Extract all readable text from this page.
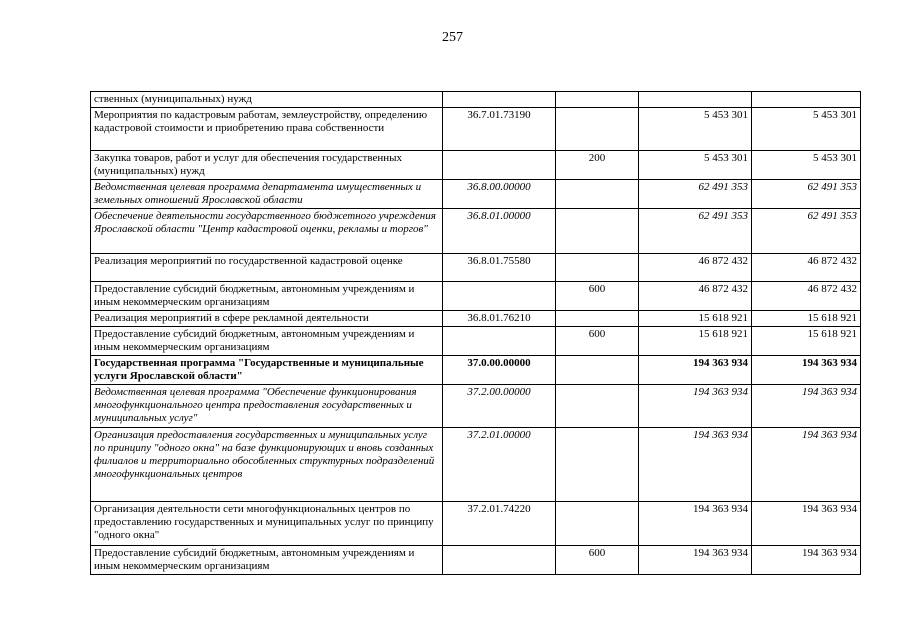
257
ственных (муниципальных) нужд				
Мероприятия по кадастровым работам, землеустройству, определению кадастровой стоимости и приобретению права собственности	36.7.01.73190		5 453 301	5 453 301
Закупка товаров, работ и услуг для обеспечения государственных (муниципальных) нужд		200	5 453 301	5 453 301
Ведомственная целевая программа департамента имущественных и земельных отношений Ярославской области	36.8.00.00000		62 491 353	62 491 353
Обеспечение деятельности государственного бюджетного учреждения Ярославской области "Центр кадастровой оценки, рекламы и торгов"	36.8.01.00000		62 491 353	62 491 353
Реализация мероприятий по государственной кадастровой оценке	36.8.01.75580		46 872 432	46 872 432
Предоставление субсидий бюджетным, автономным учреждениям и иным некоммерческим организациям		600	46 872 432	46 872 432
Реализация мероприятий в сфере рекламной деятельности	36.8.01.76210		15 618 921	15 618 921
Предоставление субсидий бюджетным, автономным учреждениям и иным некоммерческим организациям		600	15 618 921	15 618 921
Государственная программа "Государственные и муниципальные услуги Ярославской области"	37.0.00.00000		194 363 934	194 363 934
Ведомственная целевая программа "Обеспечение функционирования многофункционального центра предоставления государственных и муниципальных услуг"	37.2.00.00000		194 363 934	194 363 934
Организация предоставления государственных и муниципальных услуг по принципу "одного окна" на базе функционирующих и вновь созданных филиалов и территориально обособленных структурных подразделений многофункциональных центров	37.2.01.00000		194 363 934	194 363 934
Организация деятельности сети многофункциональных центров по предоставлению государственных и муниципальных услуг по принципу "одного окна"	37.2.01.74220		194 363 934	194 363 934
Предоставление субсидий бюджетным, автономным учреждениям и иным некоммерческим организациям		600	194 363 934	194 363 934
